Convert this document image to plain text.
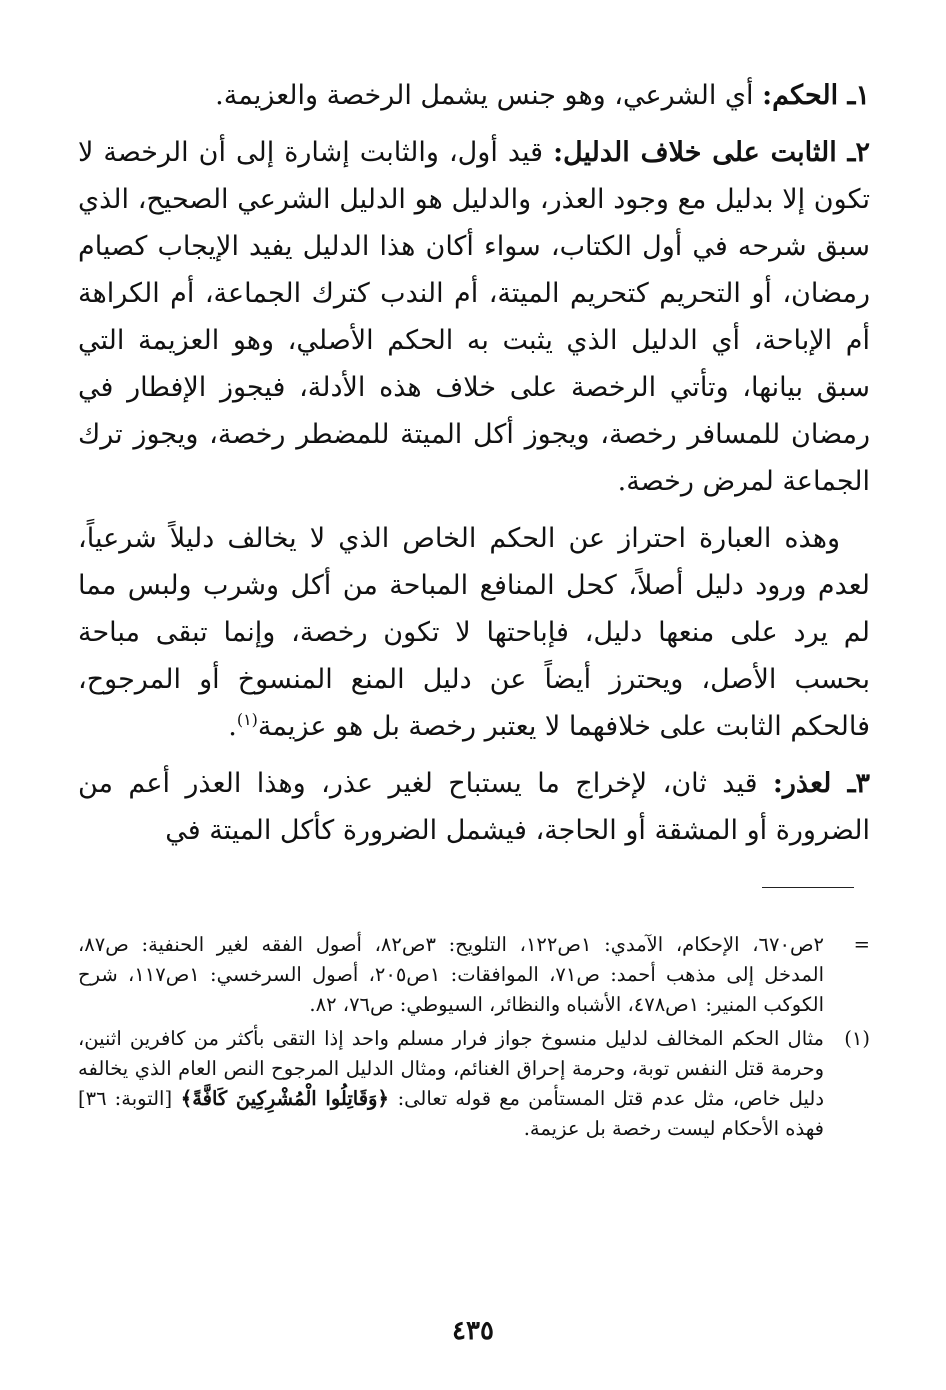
١ـ الحكم: أي الشرعي، وهو جنس يشمل الرخصة والعزيمة.

٢ـ الثابت على خلاف الدليل: قيد أول، والثابت إشارة إلى أن الرخصة لا تكون إلا بدليل مع وجود العذر، والدليل هو الدليل الشرعي الصحيح، الذي سبق شرحه في أول الكتاب، سواء أكان هذا الدليل يفيد الإيجاب كصيام رمضان، أو التحريم كتحريم الميتة، أم الندب كترك الجماعة، أم الكراهة أم الإباحة، أي الدليل الذي يثبت به الحكم الأصلي، وهو العزيمة التي سبق بيانها، وتأتي الرخصة على خلاف هذه الأدلة، فيجوز الإفطار في رمضان للمسافر رخصة، ويجوز أكل الميتة للمضطر رخصة، ويجوز ترك الجماعة لمرض رخصة.

وهذه العبارة احتراز عن الحكم الخاص الذي لا يخالف دليلاً شرعياً، لعدم ورود دليل أصلاً، كحل المنافع المباحة من أكل وشرب ولبس مما لم يرد على منعها دليل، فإباحتها لا تكون رخصة، وإنما تبقى مباحة بحسب الأصل، ويحترز أيضاً عن دليل المنع المنسوخ أو المرجوح، فالحكم الثابت على خلافهما لا يعتبر رخصة بل هو عزيمة$^{(١)}$.

٣ـ لعذر: قيد ثان، لإخراج ما يستباح لغير عذر، وهذا العذر أعم من الضرورة أو المشقة أو الحاجة، فيشمل الضرورة كأكل الميتة في

=
٢ص٦٧٠، الإحكام، الآمدي: ١ص١٢٢، التلويح: ٣ص٨٢، أصول الفقه لغير الحنفية: ص٨٧، المدخل إلى مذهب أحمد: ص٧١، الموافقات: ١ص٢٠٥، أصول السرخسي: ١ص١١٧، شرح الكوكب المنير: ١ص٤٧٨، الأشباه والنظائر، السيوطي: ص٧٦، ٨٢.
(١)
مثال الحكم المخالف لدليل منسوخ جواز فرار مسلم واحد إذا التقى بأكثر من كافرين اثنين، وحرمة قتل النفس توبة، وحرمة إحراق الغنائم، ومثال الدليل المرجوح النص العام الذي يخالفه دليل خاص، مثل عدم قتل المستأمن مع قوله تعالى: ﴿وَقَاتِلُوا الْمُشْرِكِينَ كَافَّةً﴾ [التوبة: ٣٦] فهذه الأحكام ليست رخصة بل عزيمة.
٤٣٥
